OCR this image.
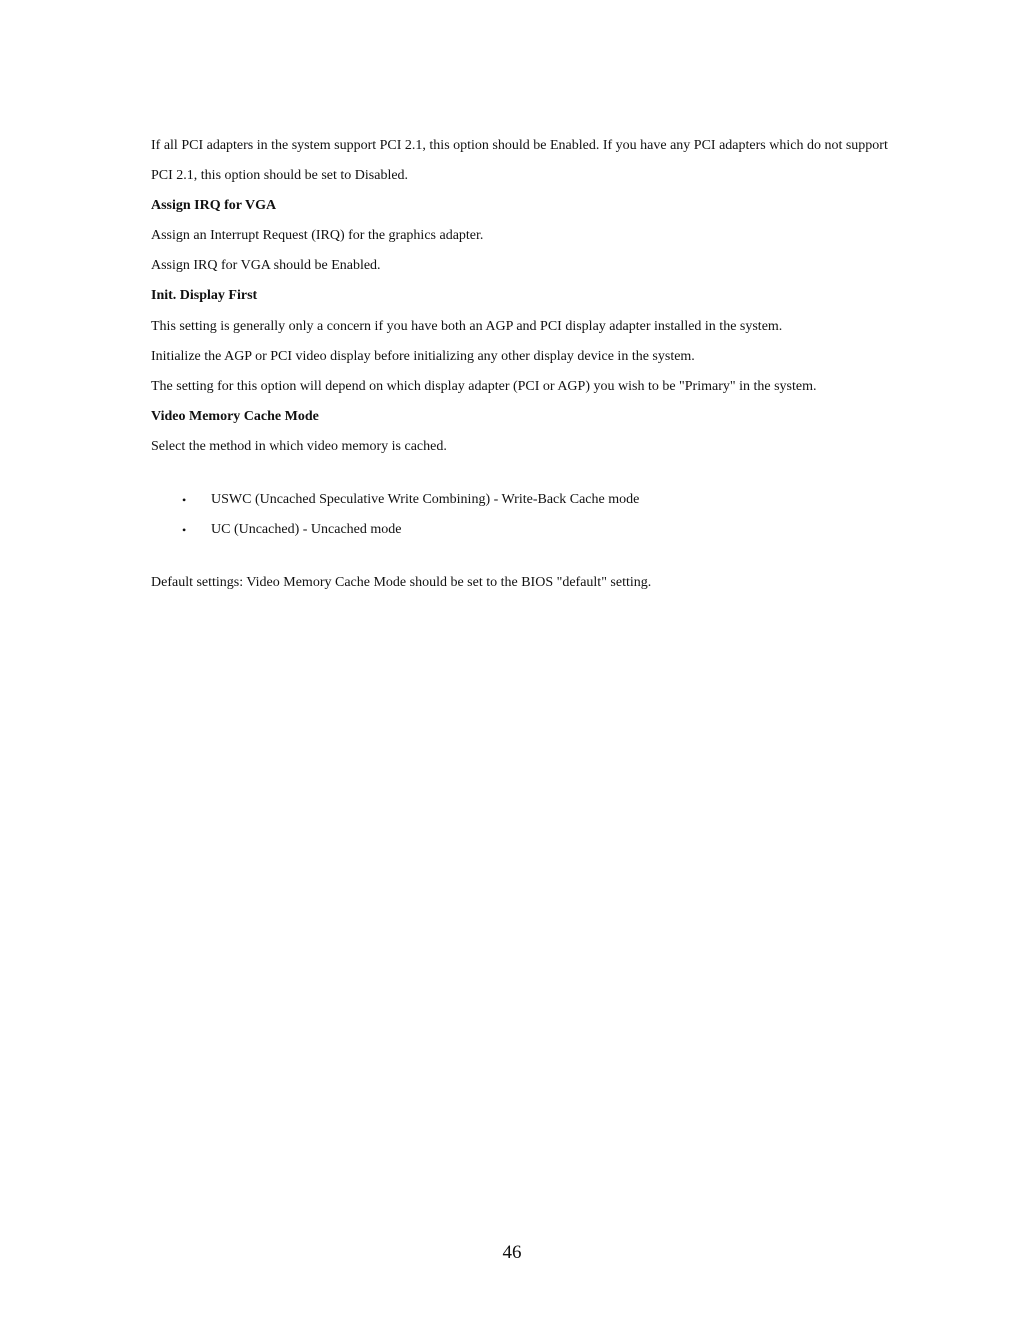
If all PCI adapters in the system support PCI 2.1, this option should be Enabled. If you have any PCI adapters which do not support PCI 2.1, this option should be set to Disabled.

Assign IRQ for VGA

Assign an Interrupt Request (IRQ) for the graphics adapter.

Assign IRQ for VGA should be Enabled.

Init. Display First

This setting is generally only a concern if you have both an AGP and PCI display adapter installed in the system.

Initialize the AGP or PCI video display before initializing any other display device in the system.

The setting for this option will depend on which display adapter (PCI or AGP) you wish to be "Primary" in the system.

Video Memory Cache Mode

Select the method in which video memory is cached.

• USWC (Uncached Speculative Write Combining) - Write-Back Cache mode
• UC (Uncached) - Uncached mode

Default settings: Video Memory Cache Mode should be set to the BIOS "default" setting.

46
